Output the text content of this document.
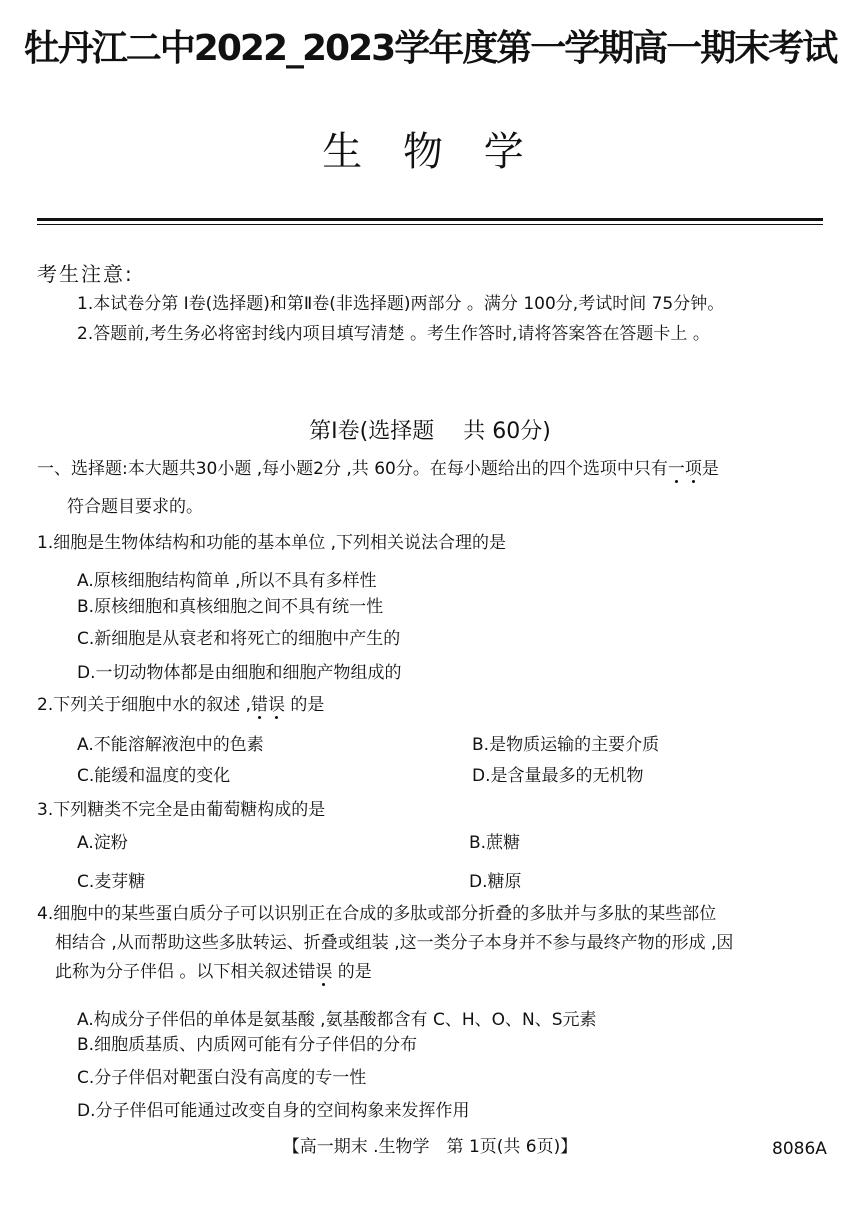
牡丹江二中2022_2023学年度第一学期高一期末考试
生 物 学
考生注意:
1.本试卷分第 Ⅰ卷(选择题)和第Ⅱ卷(非选择题)两部分 。满分 100分,考试时间 75分钟。
2.答题前,考生务必将密封线内项目填写清楚 。考生作答时,请将答案答在答题卡上 。
第Ⅰ卷(选择题　 共 60分)
一、选择题:本大题共30小题 ,每小题2分 ,共 60分。在每小题给出的四个选项中只有一项是
符合题目要求的。
1.细胞是生物体结构和功能的基本单位 ,下列相关说法合理的是
A.原核细胞结构简单 ,所以不具有多样性
B.原核细胞和真核细胞之间不具有统一性
C.新细胞是从衰老和将死亡的细胞中产生的
D.一切动物体都是由细胞和细胞产物组成的
2.下列关于细胞中水的叙述 ,错误 的是
A.不能溶解液泡中的色素	B.是物质运输的主要介质
C.能缓和温度的变化	D.是含量最多的无机物
3.下列糖类不完全是由葡萄糖构成的是
A.淀粉	B.蔗糖
C.麦芽糖	D.糖原
4.细胞中的某些蛋白质分子可以识别正在合成的多肽或部分折叠的多肽并与多肽的某些部位
相结合 ,从而帮助这些多肽转运、折叠或组装 ,这一类分子本身并不参与最终产物的形成 ,因
此称为分子伴侣 。以下相关叙述错误 的是
A.构成分子伴侣的单体是氨基酸 ,氨基酸都含有 C、H、O、N、S元素
B.细胞质基质、内质网可能有分子伴侣的分布
C.分子伴侣对靶蛋白没有高度的专一性
D.分子伴侣可能通过改变自身的空间构象来发挥作用
【高一期末 .生物学　第 1页(共 6页)】	8086A
